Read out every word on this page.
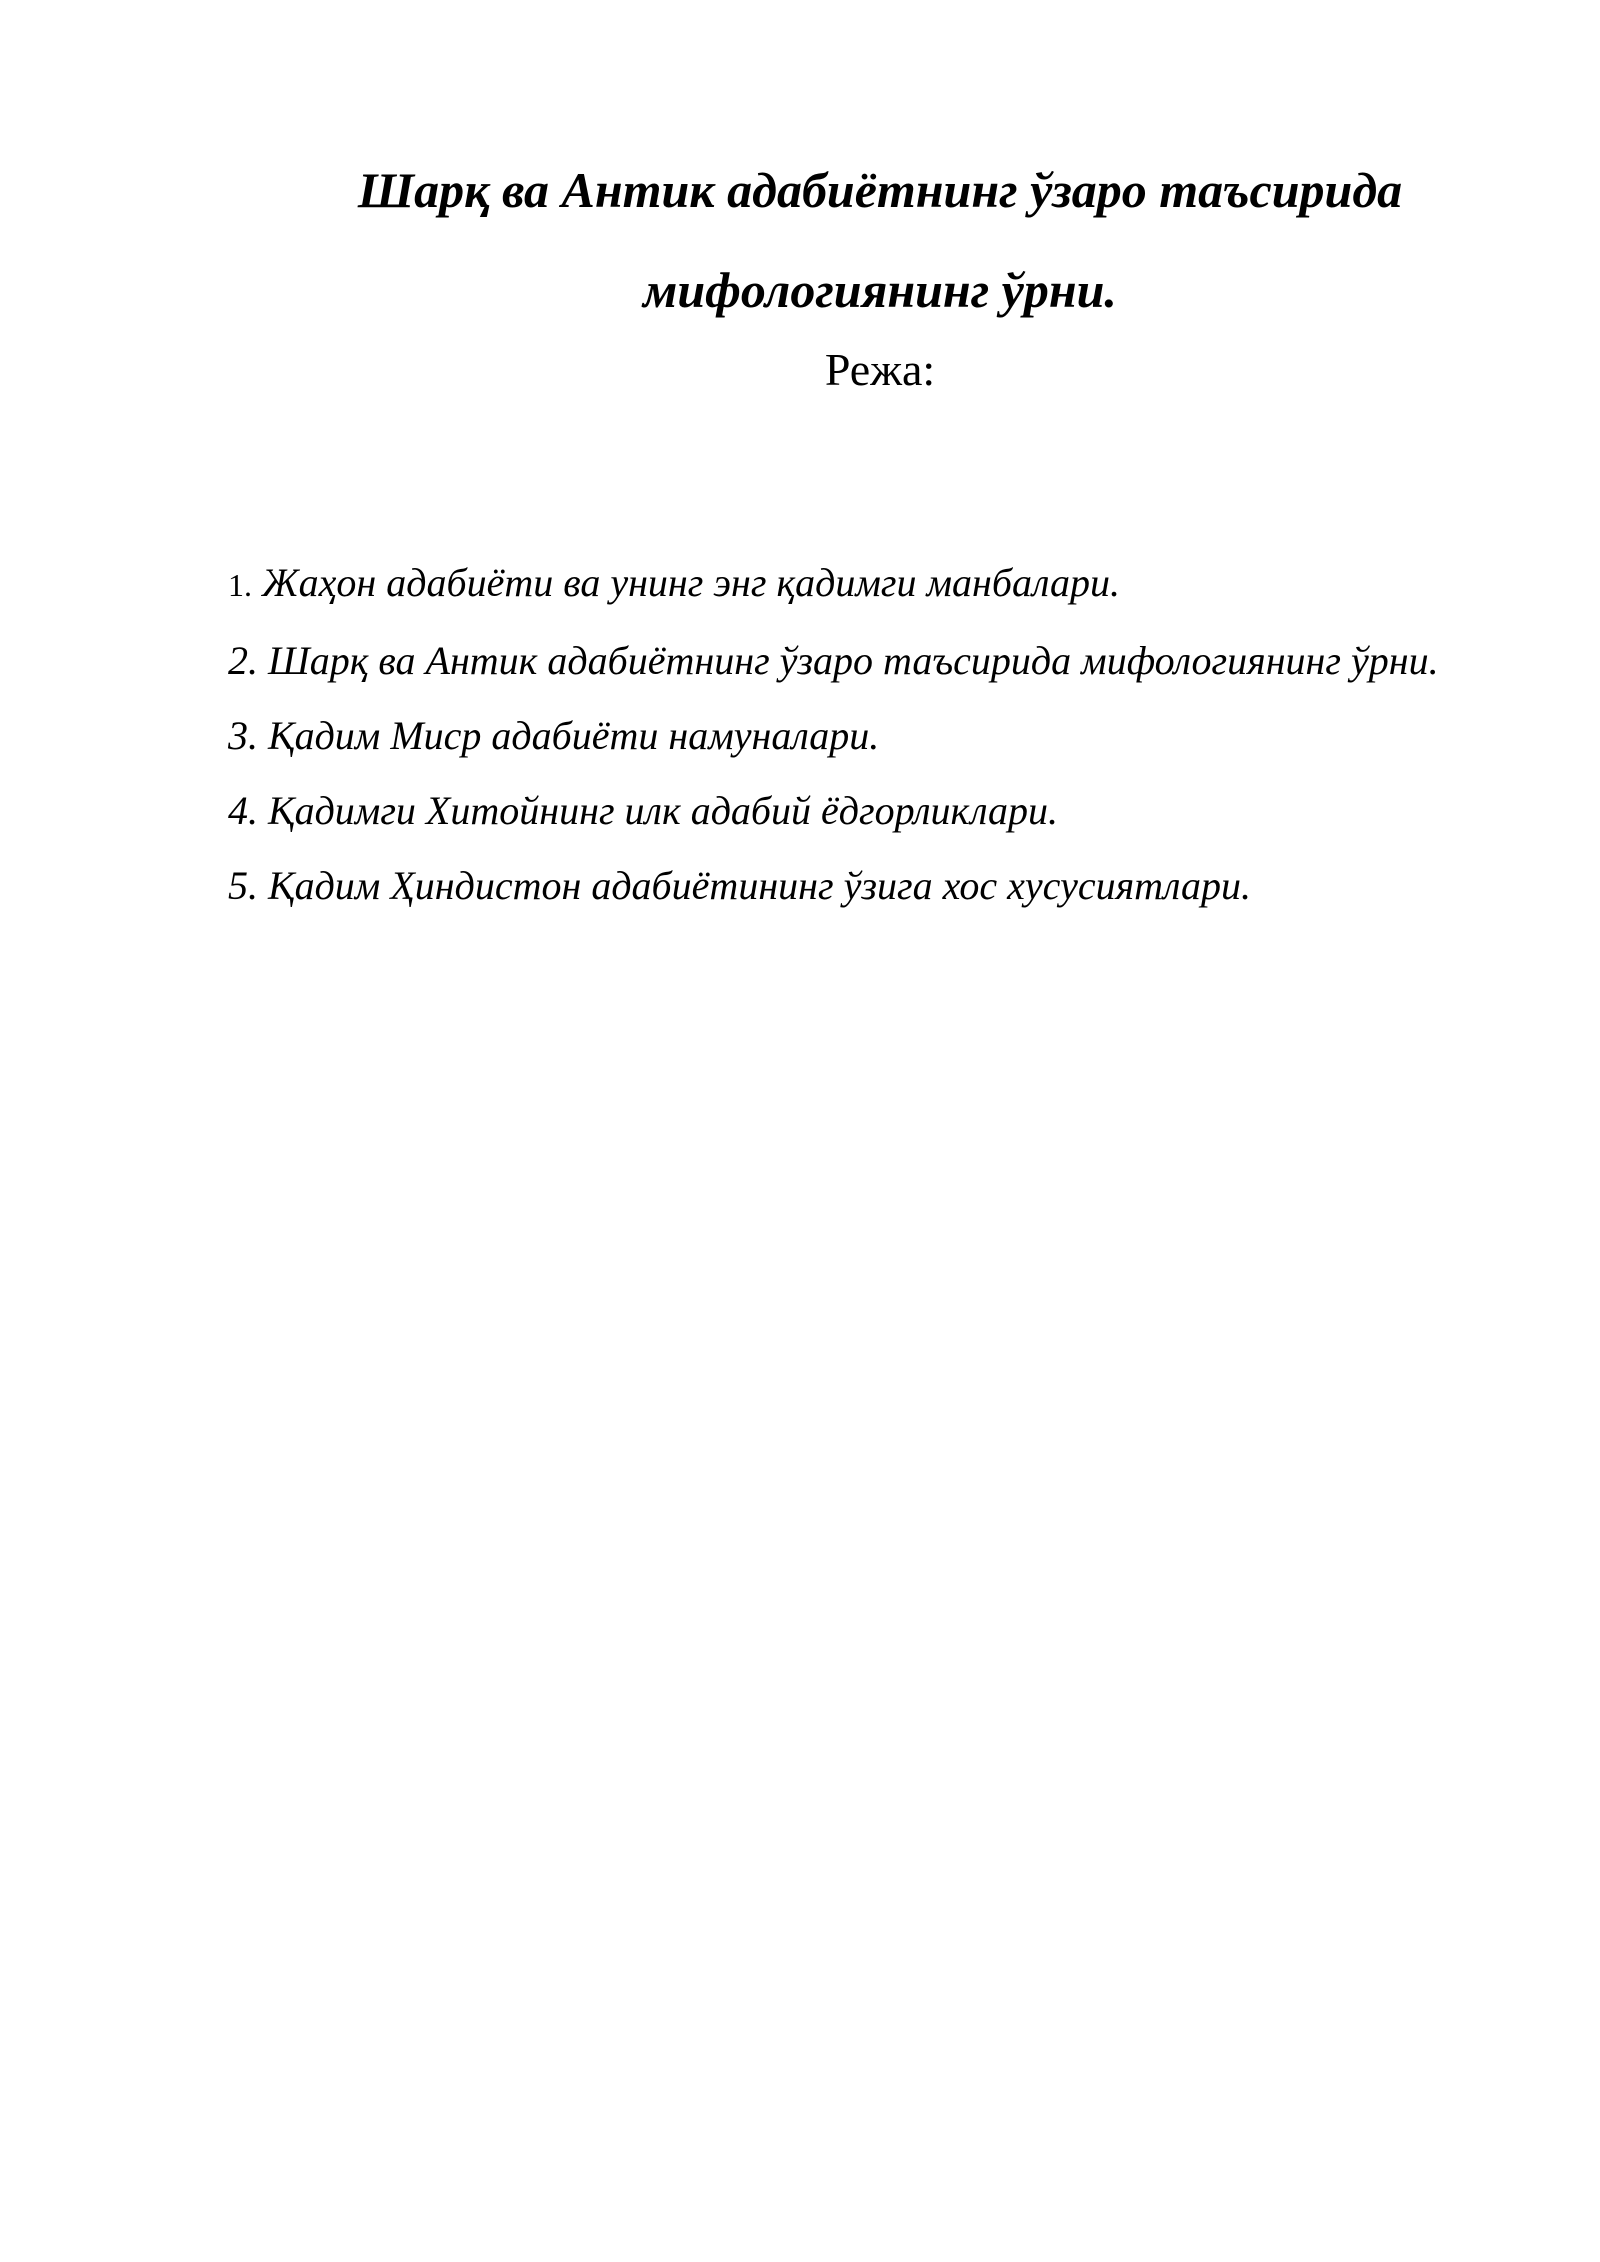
Шарқ ва Антик адабиётнинг ўзаро таъсирида
мифологиянинг ўрни.
Режа:
1. Жаҳон адабиёти ва унинг энг қадимги манбалари.
2. Шарқ ва Антик адабиётнинг ўзаро таъсирида мифологиянинг ўрни.
3. Қадим Миср адабиёти намуналари.
4. Қадимги Хитойнинг илк адабий ёдгорликлари.
5. Қадим Ҳиндистон адабиётининг ўзига хос хусусиятлари.
